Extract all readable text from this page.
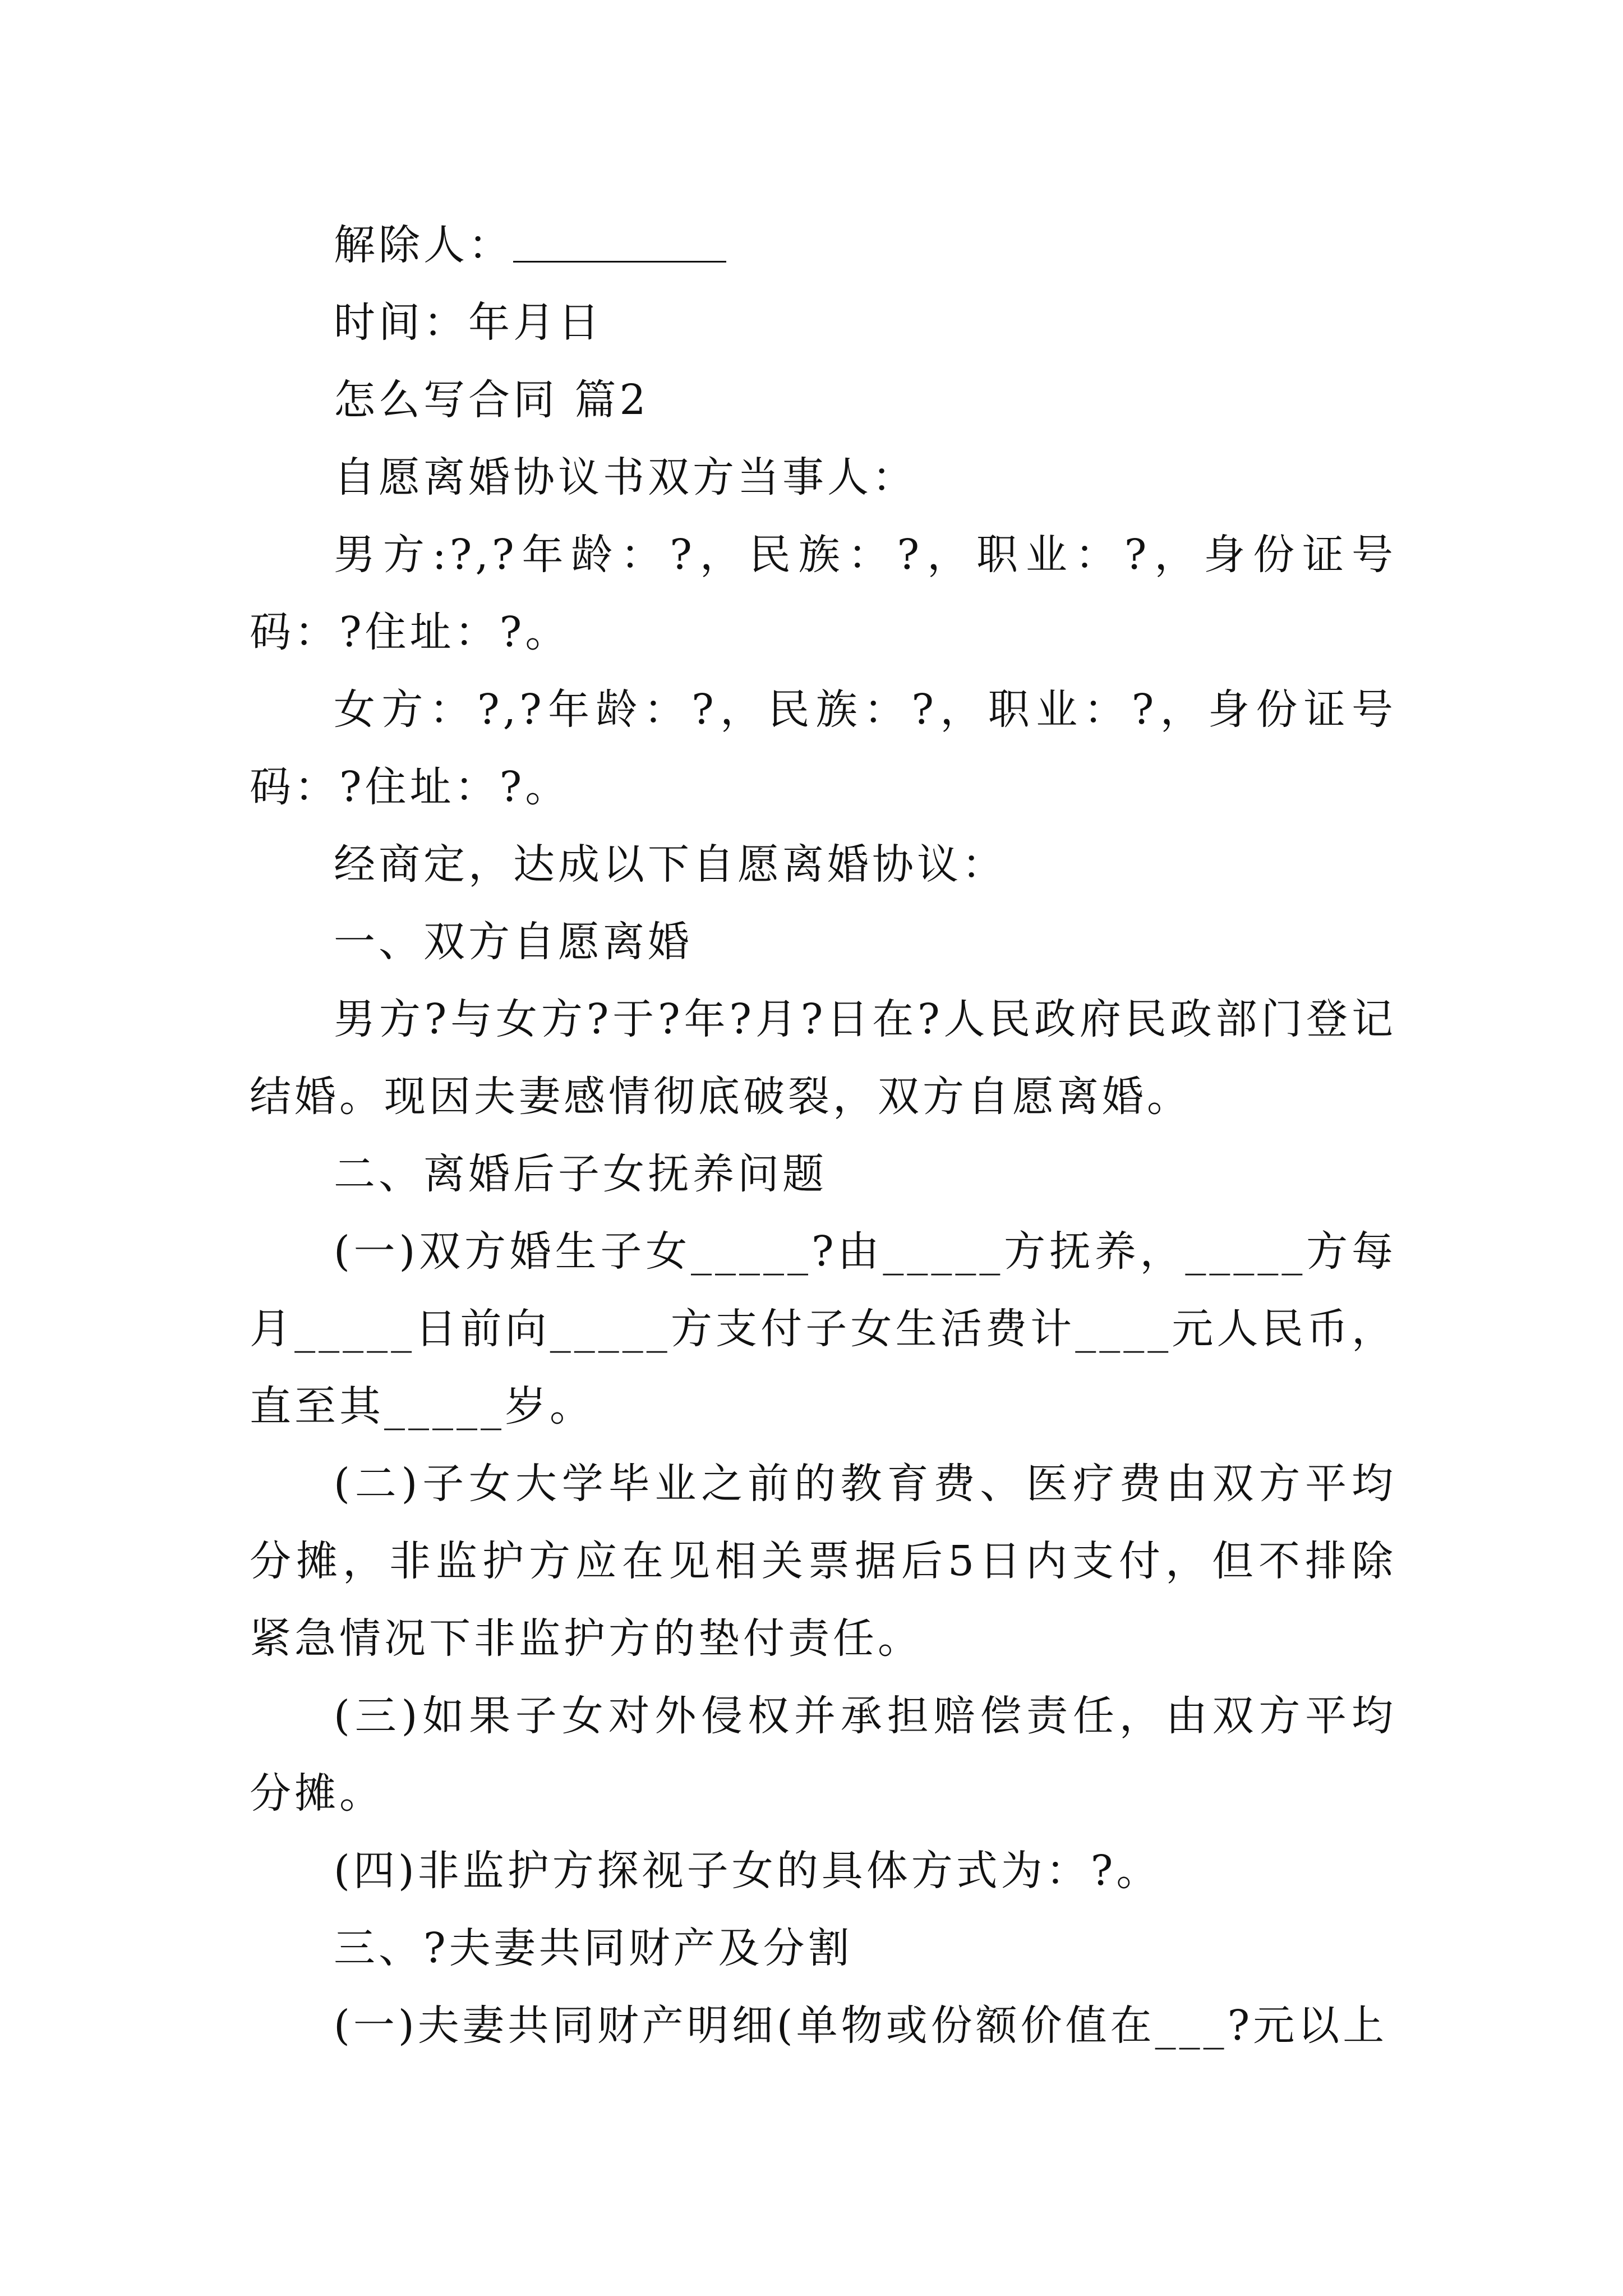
解除人：

时间：年月日

怎么写合同 篇2

自愿离婚协议书双方当事人：

男方:?,?年龄：?，民族：?，职业：?，身份证号码：?住址：?。

女方：?,?年龄：?，民族：?，职业：?，身份证号码：?住址：?。

经商定，达成以下自愿离婚协议：

一、双方自愿离婚

男方?与女方?于?年?月?日在?人民政府民政部门登记结婚。现因夫妻感情彻底破裂，双方自愿离婚。

二、离婚后子女抚养问题

(一)双方婚生子女_____?由_____方抚养，_____方每月_____日前向_____方支付子女生活费计____元人民币，直至其_____岁。

(二)子女大学毕业之前的教育费、医疗费由双方平均分摊，非监护方应在见相关票据后5日内支付，但不排除紧急情况下非监护方的垫付责任。

(三)如果子女对外侵权并承担赔偿责任，由双方平均分摊。

(四)非监护方探视子女的具体方式为：?。

三、?夫妻共同财产及分割

(一)夫妻共同财产明细(单物或份额价值在___?元以上
